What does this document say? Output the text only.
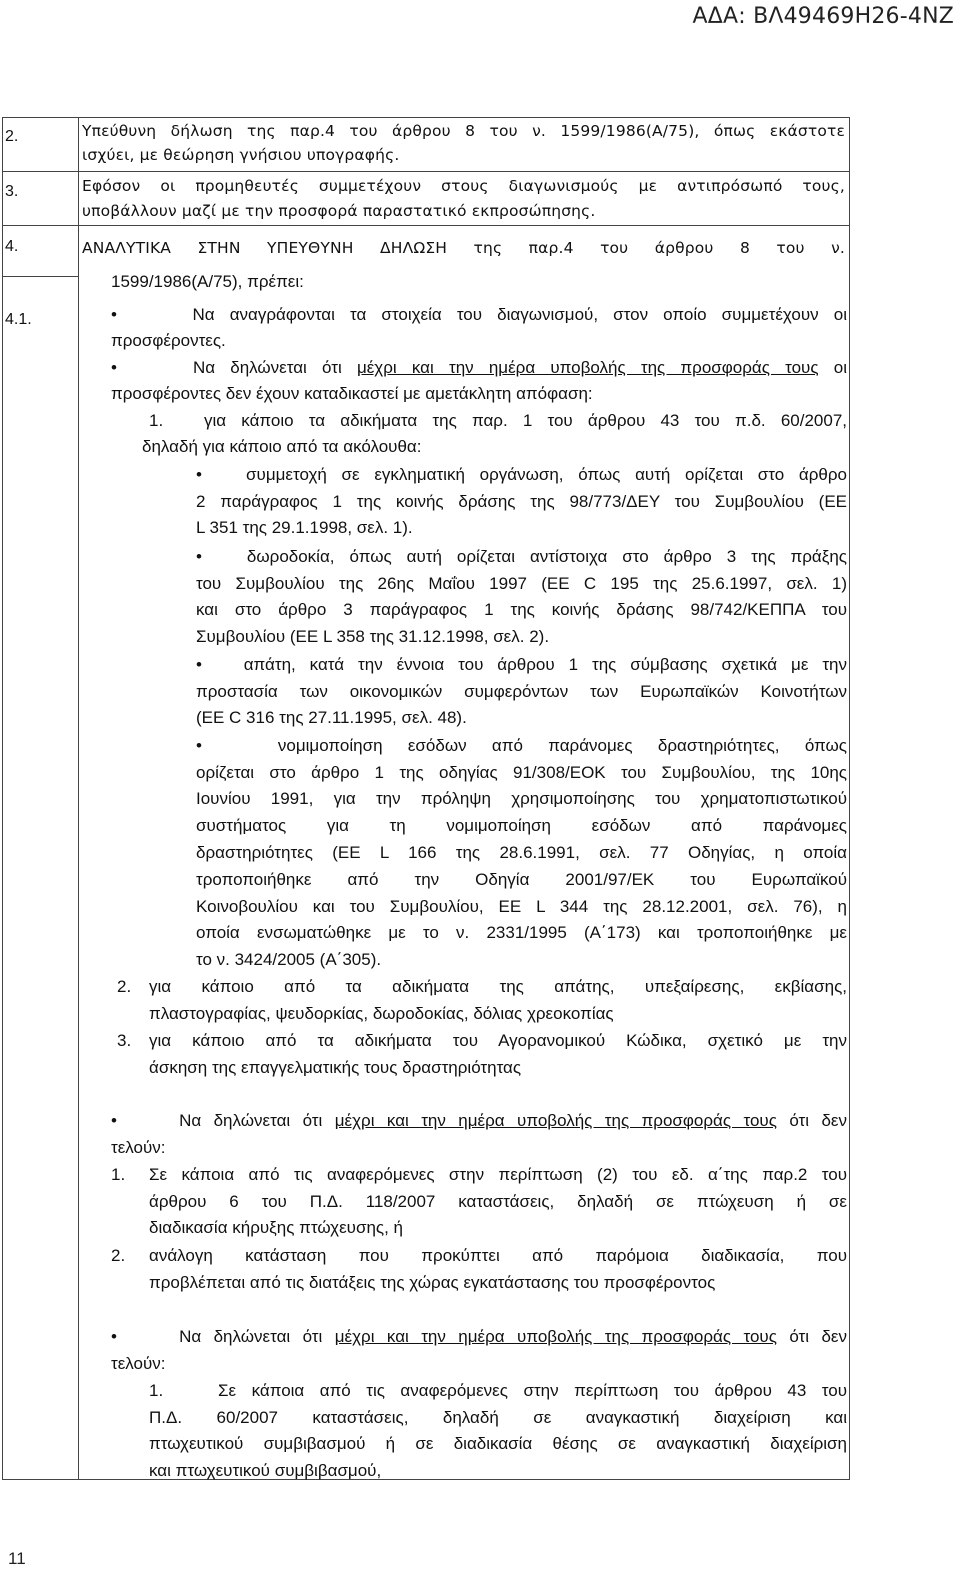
ΑΔΑ: ΒΛ49469Η26-4ΝΖ
2.	Υπεύθυνη δήλωση της παρ.4 του άρθρου 8 του ν. 1599/1986(Α/75), όπως εκάστοτε
ισχύει, με θεώρηση γνήσιου υπογραφής.
3.	Εφόσον οι προμηθευτές συμμετέχουν στους διαγωνισμούς με αντιπρόσωπό τους,
υποβάλλουν μαζί με την προσφορά παραστατικό εκπροσώπησης.
4.	ΑΝΑΛΥΤΙΚΑ ΣΤΗΝ ΥΠΕΥΘΥΝΗ ΔΗΛΩΣΗ της παρ.4 του άρθρου 8 του ν.
1599/1986(Α/75), πρέπει:
4.1.	•	Να αναγράφονται τα στοιχεία του διαγωνισμού, στον οποίο συμμετέχουν οι
προσφέροντες.
•	Να δηλώνεται ότι μέχρι και την ημέρα υποβολής της προσφοράς τους οι
προσφέροντες δεν έχουν καταδικαστεί με αμετάκλητη απόφαση:
1. για κάποιο τα αδικήματα της παρ. 1 του άρθρου 43 του π.δ. 60/2007,
δηλαδή για κάποιο από τα ακόλουθα:
•	συμμετοχή σε εγκληματική οργάνωση, όπως αυτή ορίζεται στο άρθρο
2 παράγραφος 1 της κοινής δράσης της 98/773/ΔΕΥ του Συμβουλίου (ΕΕ
L 351 της 29.1.1998, σελ. 1).
•	δωροδοκία, όπως αυτή ορίζεται αντίστοιχα στο άρθρο 3 της πράξης
του Συμβουλίου της 26ης Μαΐου 1997 (ΕΕ C 195 της 25.6.1997, σελ. 1)
και στο άρθρο 3 παράγραφος 1 της κοινής δράσης 98/742/ΚΕΠΠΑ του
Συμβουλίου (ΕΕ L 358 της 31.12.1998, σελ. 2).
• απάτη, κατά την έννοια του άρθρου 1 της σύμβασης σχετικά με την
προστασία των οικονομικών συμφερόντων των Ευρωπαϊκών Κοινοτήτων
(ΕΕ C 316 της 27.11.1995, σελ. 48).
•	νομιμοποίηση εσόδων από παράνομες δραστηριότητες, όπως
ορίζεται στο άρθρο 1 της οδηγίας 91/308/ΕΟΚ του Συμβουλίου, της 10ης
Ιουνίου 1991, για την πρόληψη χρησιμοποίησης του χρηματοπιστωτικού
συστήματος για τη νομιμοποίηση εσόδων από παράνομες
δραστηριότητες (ΕΕ L 166 της 28.6.1991, σελ. 77 Οδηγίας, η οποία
τροποποιήθηκε από την Οδηγία 2001/97/ΕΚ του Ευρωπαϊκού
Κοινοβουλίου και του Συμβουλίου, ΕΕ L 344 της 28.12.2001, σελ. 76), η
οποία ενσωματώθηκε με το ν. 2331/1995 (Α΄173) και τροποποιήθηκε με
το ν. 3424/2005 (Α΄305).
2. για κάποιο από τα αδικήματα της απάτης, υπεξαίρεσης, εκβίασης,
πλαστογραφίας, ψευδορκίας, δωροδοκίας, δόλιας χρεοκοπίας
3. για κάποιο από τα αδικήματα του Αγορανομικού Κώδικα, σχετικό με την
άσκηση της επαγγελματικής τους δραστηριότητας
•	Να δηλώνεται ότι μέχρι και την ημέρα υποβολής της προσφοράς τους ότι δεν
τελούν:
1. Σε κάποια από τις αναφερόμενες στην περίπτωση (2) του εδ. α΄της παρ.2 του
άρθρου 6 του Π.Δ. 118/2007 καταστάσεις, δηλαδή σε πτώχευση ή σε
διαδικασία κήρυξης πτώχευσης, ή
2. ανάλογη κατάσταση που προκύπτει από παρόμοια διαδικασία, που
προβλέπεται από τις διατάξεις της χώρας εγκατάστασης του προσφέροντος
•	Να δηλώνεται ότι μέχρι και την ημέρα υποβολής της προσφοράς τους ότι δεν
τελούν:
1.	Σε κάποια από τις αναφερόμενες στην περίπτωση του άρθρου 43 του
Π.Δ. 60/2007 καταστάσεις, δηλαδή σε αναγκαστική διαχείριση και
πτωχευτικού συμβιβασμού ή σε διαδικασία θέσης σε αναγκαστική διαχείριση
και πτωχευτικού συμβιβασμού,
11
